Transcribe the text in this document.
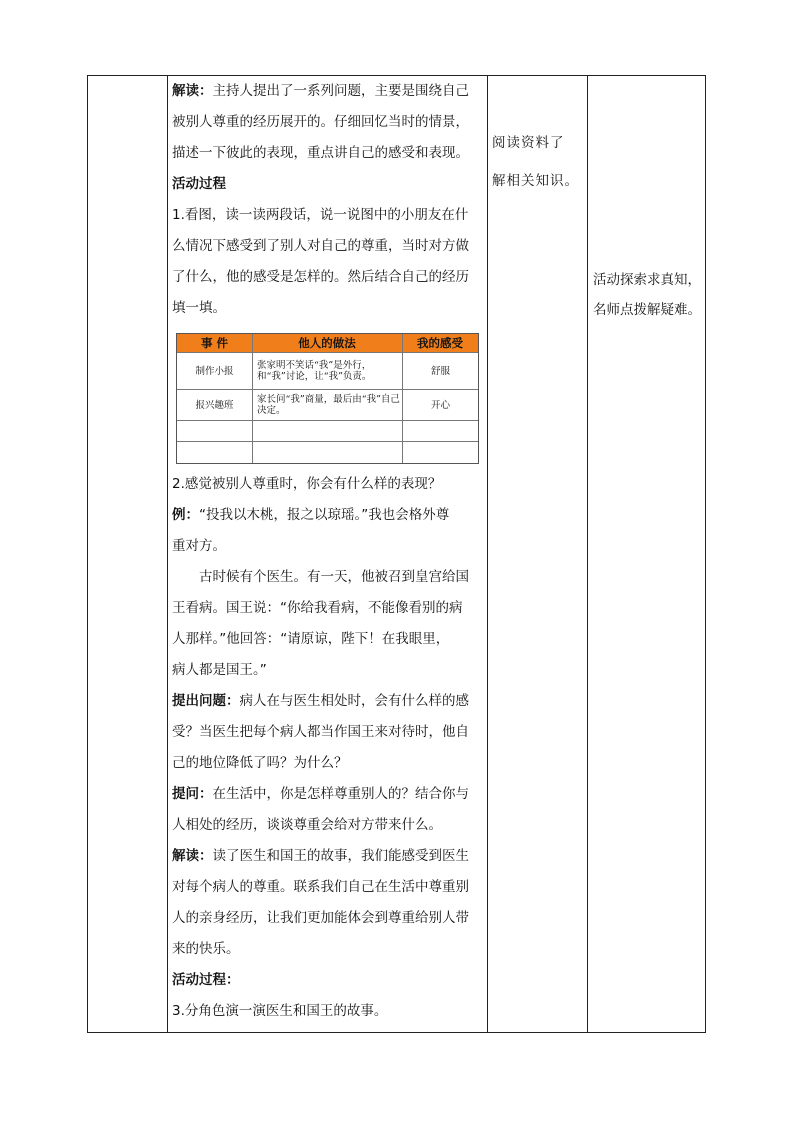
解读：主持人提出了一系列问题，主要是围绕自己
被别人尊重的经历展开的。仔细回忆当时的情景，
描述一下彼此的表现，重点讲自己的感受和表现。
活动过程
1.看图，读一读两段话，说一说图中的小朋友在什
么情况下感受到了别人对自己的尊重，当时对方做
了什么，他的感受是怎样的。然后结合自己的经历
填一填。
2.感觉被别人尊重时，你会有什么样的表现？
例：“投我以木桃，报之以琼瑶。”我也会格外尊
重对方。
古时候有个医生。有一天，他被召到皇宫给国
王看病。国王说：“你给我看病，不能像看别的病
人那样。”他回答：“请原谅，陛下！在我眼里，
病人都是国王。”
提出问题：病人在与医生相处时，会有什么样的感
受？当医生把每个病人都当作国王来对待时，他自
己的地位降低了吗？为什么？
提问：在生活中，你是怎样尊重别人的？结合你与
人相处的经历，谈谈尊重会给对方带来什么。
解读：读了医生和国王的故事，我们能感受到医生
对每个病人的尊重。联系我们自己在生活中尊重别
人的亲身经历，让我们更加能体会到尊重给别人带
来的快乐。
活动过程：
3.分角色演一演医生和国王的故事。
事 件	他人的做法	我的感受
制作小报	张家明不笑话“我”是外行，和“我”讨论，让“我”负责。	舒服
报兴趣班	家长问“我”商量，最后由“我”自己决定。	开心
阅读资料了
解相关知识。
活动探索求真知，
名师点拨解疑难。
